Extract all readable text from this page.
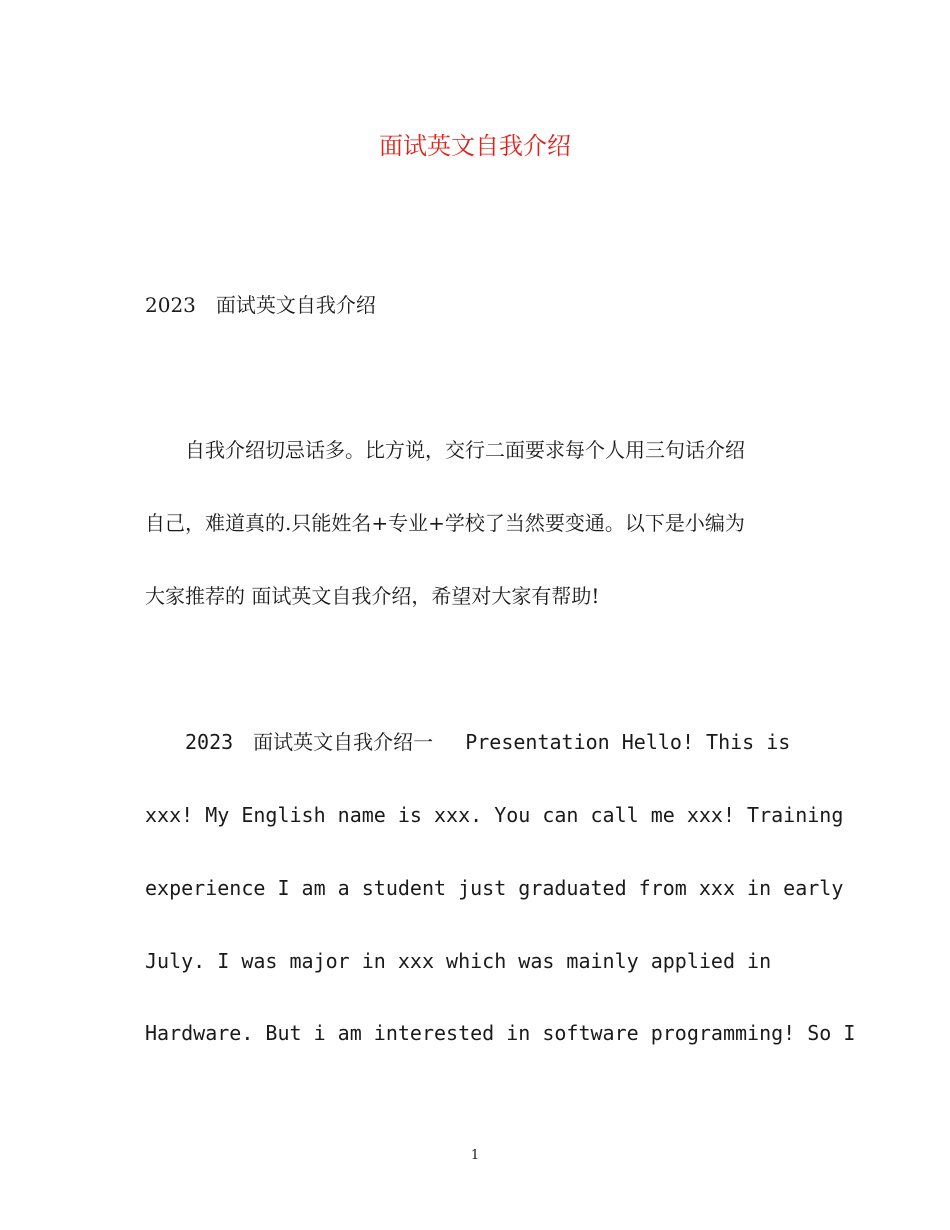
面试英文自我介绍
2023　面试英文自我介绍
　　自我介绍切忌话多。比方说，交行二面要求每个人用三句话介绍
自己，难道真的.只能姓名+专业+学校了当然要变通。以下是小编为
大家推荐的 面试英文自我介绍，希望对大家有帮助!
　　2023　面试英文自我介绍一　 Presentation Hello! This is
xxx! My English name is xxx. You can call me xxx! Training
experience I am a student just graduated from xxx in early
July. I was major in xxx which was mainly applied in
Hardware. But i am interested in software programming! So I
1
